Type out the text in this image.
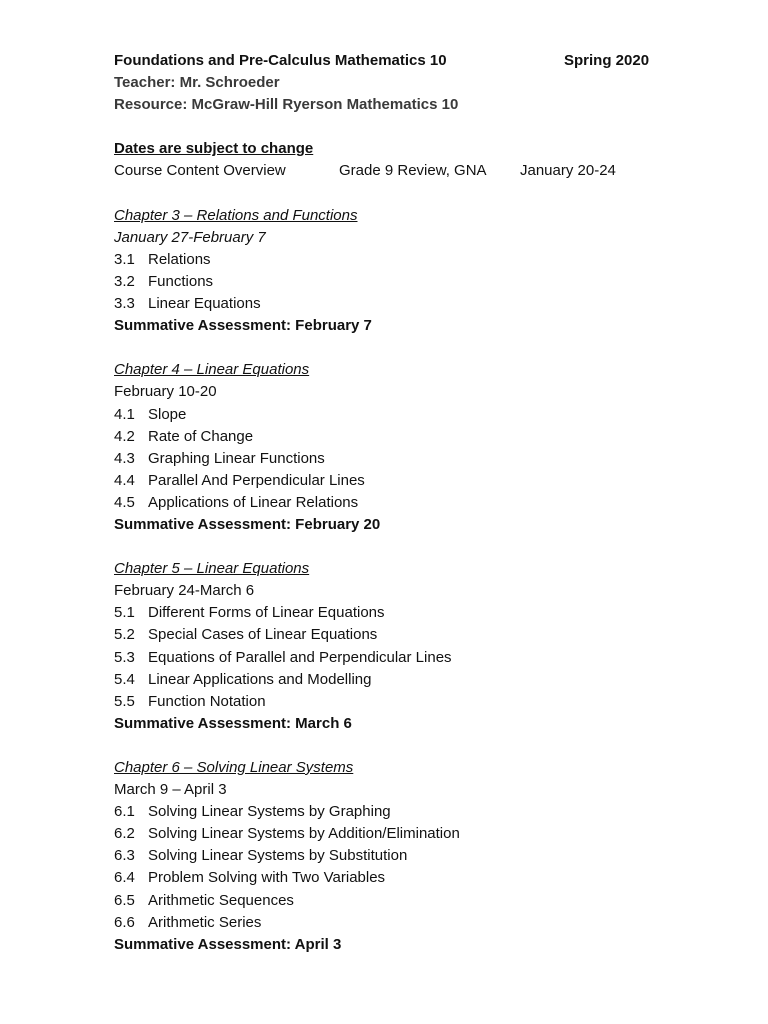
Foundations and Pre-Calculus Mathematics 10	Spring 2020
Teacher: Mr. Schroeder
Resource: McGraw-Hill Ryerson Mathematics 10
Dates are subject to change
Course Content Overview	Grade 9 Review, GNA January 20-24
Chapter 3 – Relations and Functions
January 27-February 7
3.1 Relations
3.2 Functions
3.3 Linear Equations
Summative Assessment: February 7
Chapter 4 – Linear Equations
February 10-20
4.1 Slope
4.2 Rate of Change
4.3 Graphing Linear Functions
4.4 Parallel And Perpendicular Lines
4.5 Applications of Linear Relations
Summative Assessment: February 20
Chapter 5 – Linear Equations
February 24-March 6
5.1 Different Forms of Linear Equations
5.2 Special Cases of Linear Equations
5.3 Equations of Parallel and Perpendicular Lines
5.4 Linear Applications and Modelling
5.5 Function Notation
Summative Assessment: March 6
Chapter 6 – Solving Linear Systems
March 9 – April 3
6.1 Solving Linear Systems by Graphing
6.2 Solving Linear Systems by Addition/Elimination
6.3 Solving Linear Systems by Substitution
6.4 Problem Solving with Two Variables
6.5 Arithmetic Sequences
6.6 Arithmetic Series
Summative Assessment: April 3
